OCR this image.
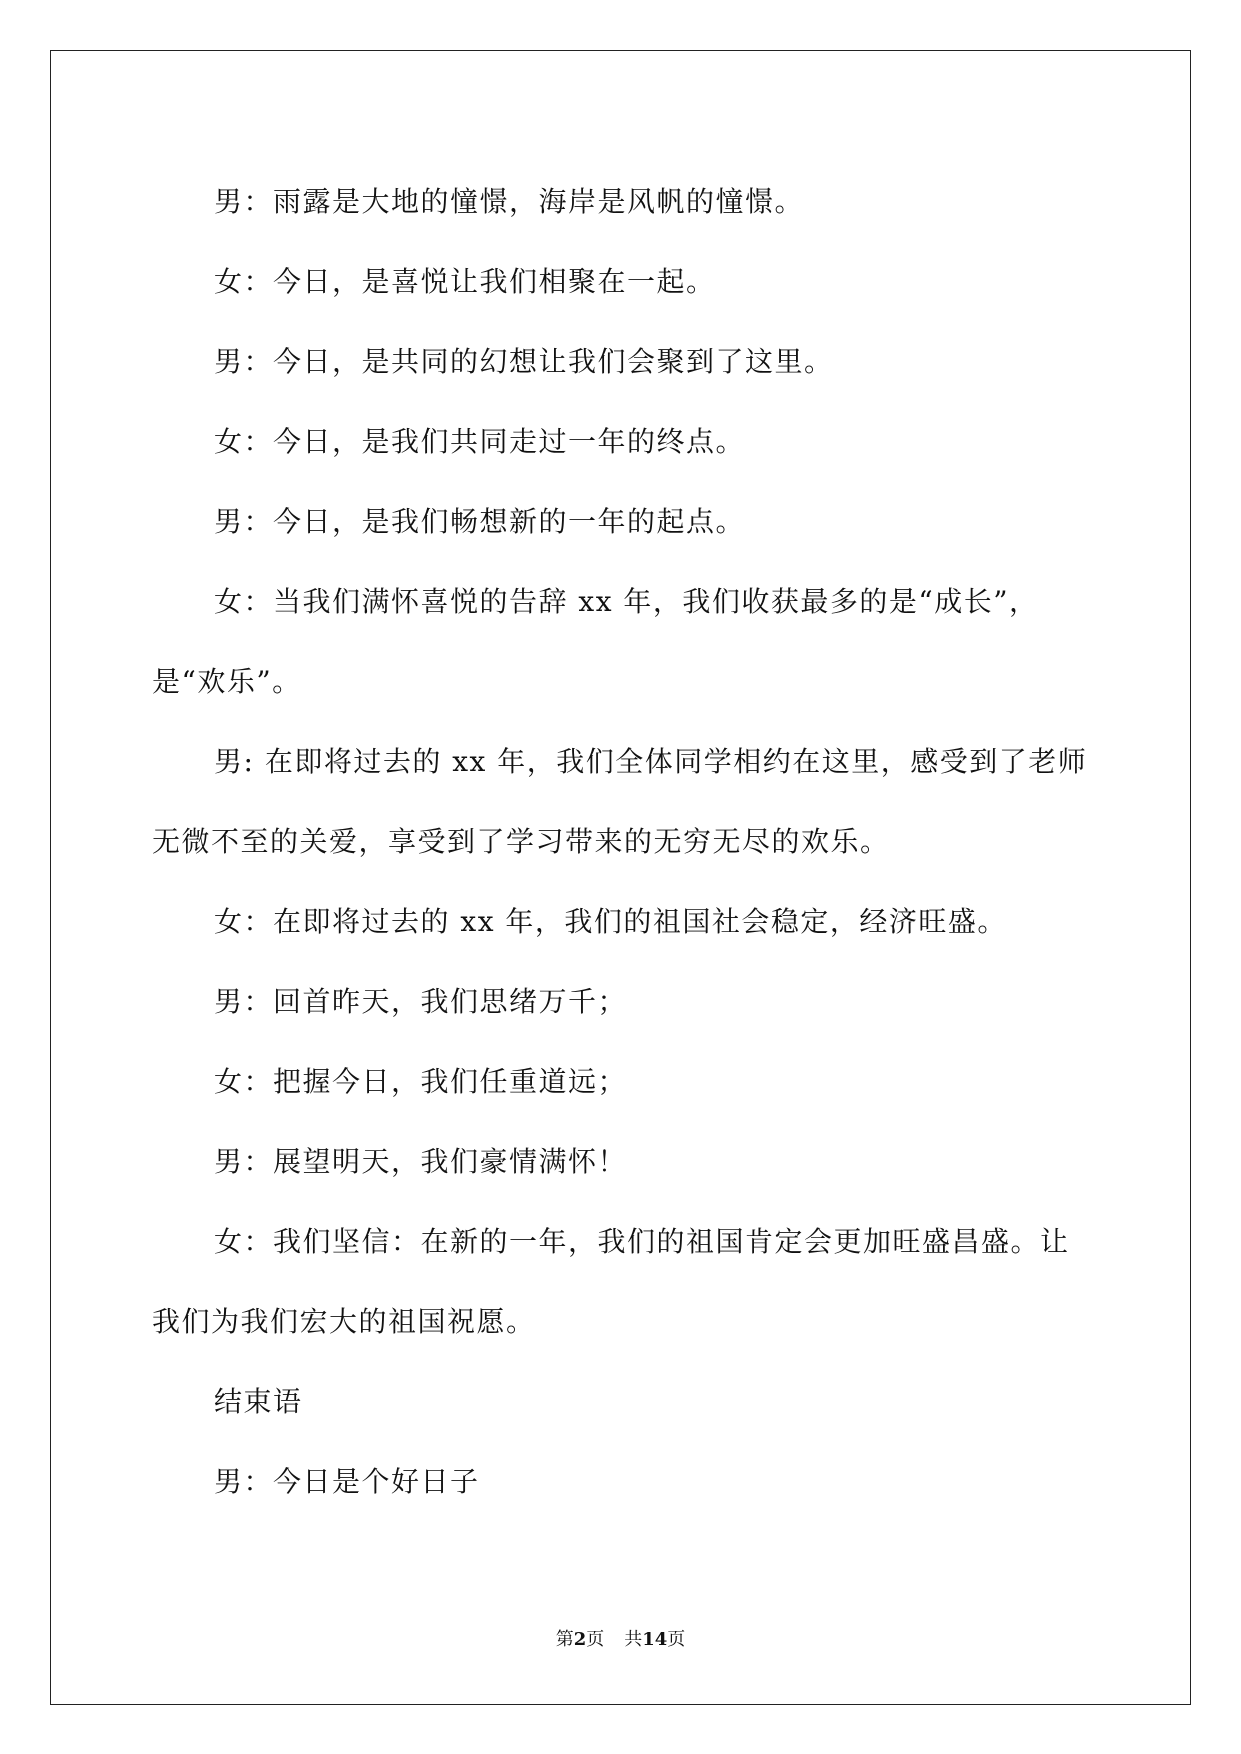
男：雨露是大地的憧憬，海岸是风帆的憧憬。

女：今日，是喜悦让我们相聚在一起。

男：今日，是共同的幻想让我们会聚到了这里。

女：今日，是我们共同走过一年的终点。

男：今日，是我们畅想新的一年的起点。

女：当我们满怀喜悦的告辞 xx 年，我们收获最多的是“成长”，是“欢乐”。

男: 在即将过去的 xx 年，我们全体同学相约在这里，感受到了老师无微不至的关爱，享受到了学习带来的无穷无尽的欢乐。

女：在即将过去的 xx 年，我们的祖国社会稳定，经济旺盛。

男：回首昨天，我们思绪万千；

女：把握今日，我们任重道远；

男：展望明天，我们豪情满怀！

女：我们坚信：在新的一年，我们的祖国肯定会更加旺盛昌盛。让我们为我们宏大的祖国祝愿。

结束语

男：今日是个好日子

第2页 共14页
